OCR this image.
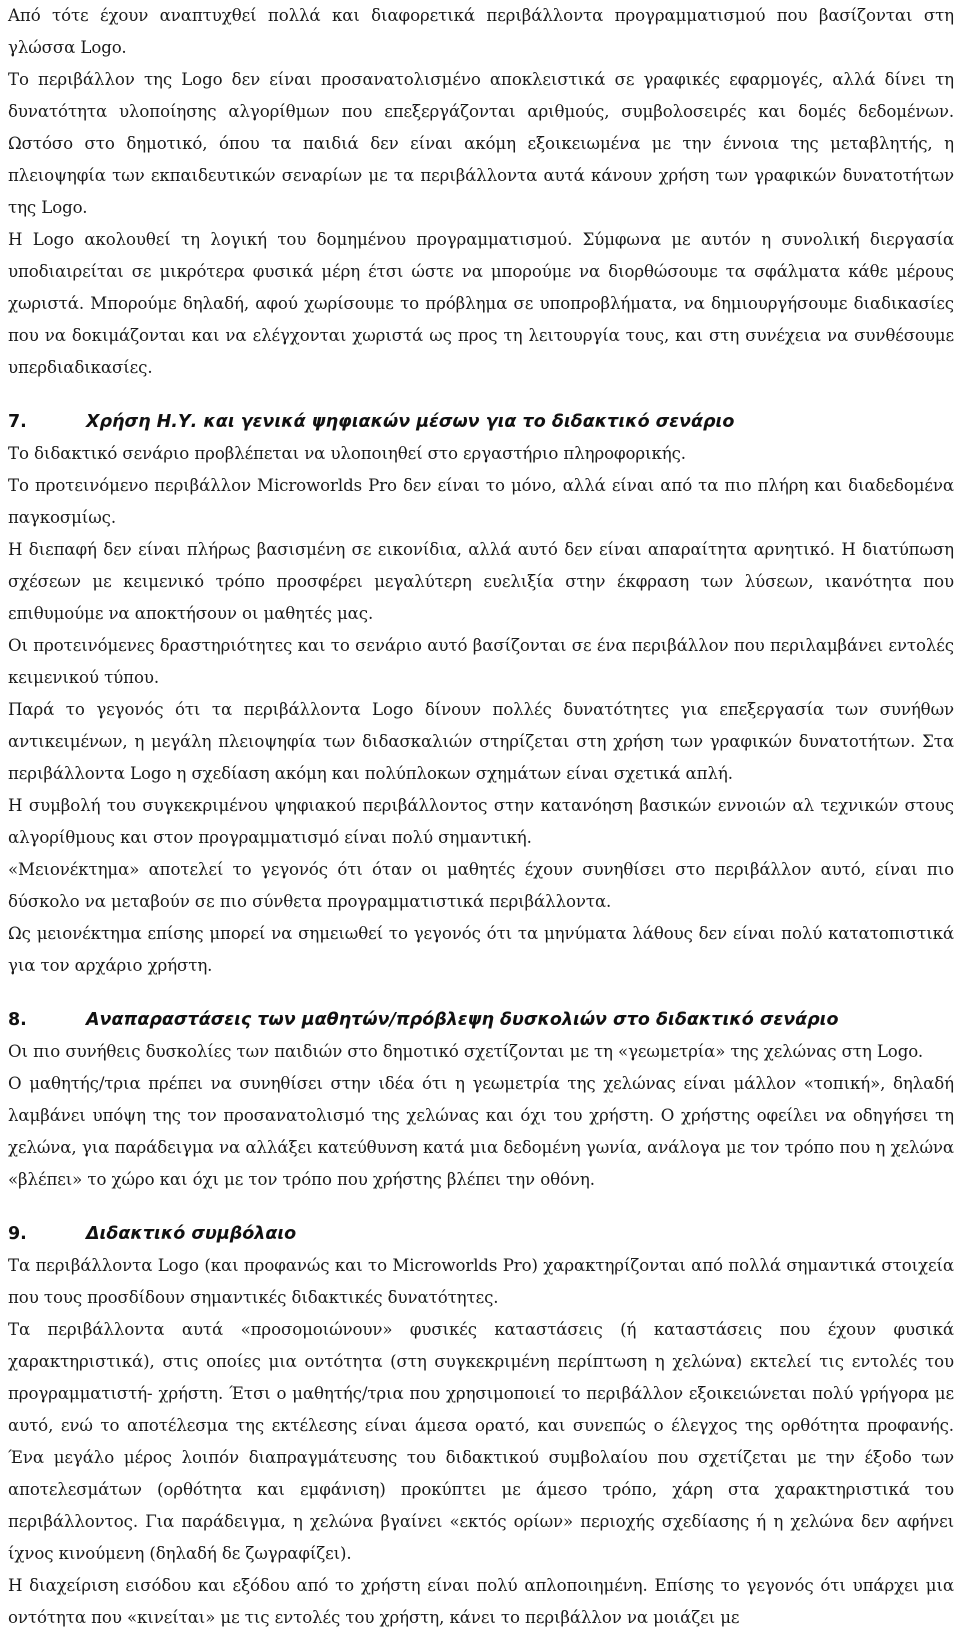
Από τότε έχουν αναπτυχθεί πολλά και διαφορετικά περιβάλλοντα προγραμματισμού που βασίζονται στη γλώσσα Logo.

Το περιβάλλον της Logo δεν είναι προσανατολισμένο αποκλειστικά σε γραφικές εφαρμογές, αλλά δίνει τη δυνατότητα υλοποίησης αλγορίθμων που επεξεργάζονται αριθμούς, συμβολοσειρές και δομές δεδομένων. Ωστόσο στο δημοτικό, όπου τα παιδιά δεν είναι ακόμη εξοικειωμένα με την έννοια της μεταβλητής, η πλειοψηφία των εκπαιδευτικών σεναρίων με τα περιβάλλοντα αυτά κάνουν χρήση των γραφικών δυνατοτήτων της Logo.

Η Logo ακολουθεί τη λογική του δομημένου προγραμματισμού. Σύμφωνα με αυτόν η συνολική διεργασία υποδιαιρείται σε μικρότερα φυσικά μέρη έτσι ώστε να μπορούμε να διορθώσουμε τα σφάλματα κάθε μέρους χωριστά. Μπορούμε δηλαδή, αφού χωρίσουμε το πρόβλημα σε υποπροβλήματα, να δημιουργήσουμε διαδικασίες που να δοκιμάζονται και να ελέγχονται χωριστά ως προς τη λειτουργία τους, και στη συνέχεια να συνθέσουμε υπερδιαδικασίες.

7.	Χρήση Η.Υ. και γενικά ψηφιακών μέσων για το διδακτικό σενάριο

Το διδακτικό σενάριο προβλέπεται να υλοποιηθεί στο εργαστήριο πληροφορικής.

Το προτεινόμενο περιβάλλον Microworlds Pro δεν είναι το μόνο, αλλά είναι από τα πιο πλήρη και διαδεδομένα παγκοσμίως.

Η διεπαφή δεν είναι πλήρως βασισμένη σε εικονίδια, αλλά αυτό δεν είναι απαραίτητα αρνητικό. Η διατύπωση σχέσεων με κειμενικό τρόπο προσφέρει μεγαλύτερη ευελιξία στην έκφραση των λύσεων, ικανότητα που επιθυμούμε να αποκτήσουν οι μαθητές μας.

Οι προτεινόμενες δραστηριότητες και το σενάριο αυτό βασίζονται σε ένα περιβάλλον που περιλαμβάνει εντολές κειμενικού τύπου.

Παρά το γεγονός ότι τα περιβάλλοντα Logo δίνουν πολλές δυνατότητες για επεξεργασία των συνήθων αντικειμένων, η μεγάλη πλειοψηφία των διδασκαλιών στηρίζεται στη χρήση των γραφικών δυνατοτήτων. Στα περιβάλλοντα Logo η σχεδίαση ακόμη και πολύπλοκων σχημάτων είναι σχετικά απλή.

Η συμβολή του συγκεκριμένου ψηφιακού περιβάλλοντος στην κατανόηση βασικών εννοιών αλ τεχνικών στους αλγορίθμους και στον προγραμματισμό είναι πολύ σημαντική.

«Μειονέκτημα» αποτελεί το γεγονός ότι όταν οι μαθητές έχουν συνηθίσει στο περιβάλλον αυτό, είναι πιο δύσκολο να μεταβούν σε πιο σύνθετα προγραμματιστικά περιβάλλοντα.

Ως μειονέκτημα επίσης μπορεί να σημειωθεί το γεγονός ότι τα μηνύματα λάθους δεν είναι πολύ κατατοπιστικά για τον αρχάριο χρήστη.

8.	Αναπαραστάσεις των μαθητών/πρόβλεψη δυσκολιών στο διδακτικό σενάριο

Οι πιο συνήθεις δυσκολίες των παιδιών στο δημοτικό σχετίζονται με τη «γεωμετρία» της χελώνας στη Logo.

Ο μαθητής/τρια πρέπει να συνηθίσει στην ιδέα ότι η γεωμετρία της χελώνας είναι μάλλον «τοπική», δηλαδή λαμβάνει υπόψη της τον προσανατολισμό της χελώνας και όχι του χρήστη. Ο χρήστης οφείλει να οδηγήσει τη χελώνα, για παράδειγμα να αλλάξει κατεύθυνση κατά μια δεδομένη γωνία, ανάλογα με τον τρόπο που η χελώνα «βλέπει» το χώρο και όχι με τον τρόπο που χρήστης βλέπει την οθόνη.

9.	Διδακτικό συμβόλαιο

Τα περιβάλλοντα Logo (και προφανώς και το Microworlds Pro) χαρακτηρίζονται από πολλά σημαντικά στοιχεία που τους προσδίδουν σημαντικές διδακτικές δυνατότητες.

Τα περιβάλλοντα αυτά «προσομοιώνουν» φυσικές καταστάσεις (ή καταστάσεις που έχουν φυσικά χαρακτηριστικά), στις οποίες μια οντότητα (στη συγκεκριμένη περίπτωση η χελώνα) εκτελεί τις εντολές του προγραμματιστή- χρήστη. Έτσι ο μαθητής/τρια που χρησιμοποιεί το περιβάλλον εξοικειώνεται πολύ γρήγορα με αυτό, ενώ το αποτέλεσμα της εκτέλεσης είναι άμεσα ορατό, και συνεπώς ο έλεγχος της ορθότητα προφανής. Ένα μεγάλο μέρος λοιπόν διαπραγμάτευσης του διδακτικού συμβολαίου που σχετίζεται με την έξοδο των αποτελεσμάτων (ορθότητα και εμφάνιση) προκύπτει με άμεσο τρόπο, χάρη στα χαρακτηριστικά του περιβάλλοντος. Για παράδειγμα, η χελώνα βγαίνει «εκτός ορίων» περιοχής σχεδίασης ή η χελώνα δεν αφήνει ίχνος κινούμενη (δηλαδή δε ζωγραφίζει).

Η διαχείριση εισόδου και εξόδου από το χρήστη είναι πολύ απλοποιημένη. Επίσης το γεγονός ότι υπάρχει μια οντότητα που «κινείται» με τις εντολές του χρήστη, κάνει το περιβάλλον να μοιάζει με
